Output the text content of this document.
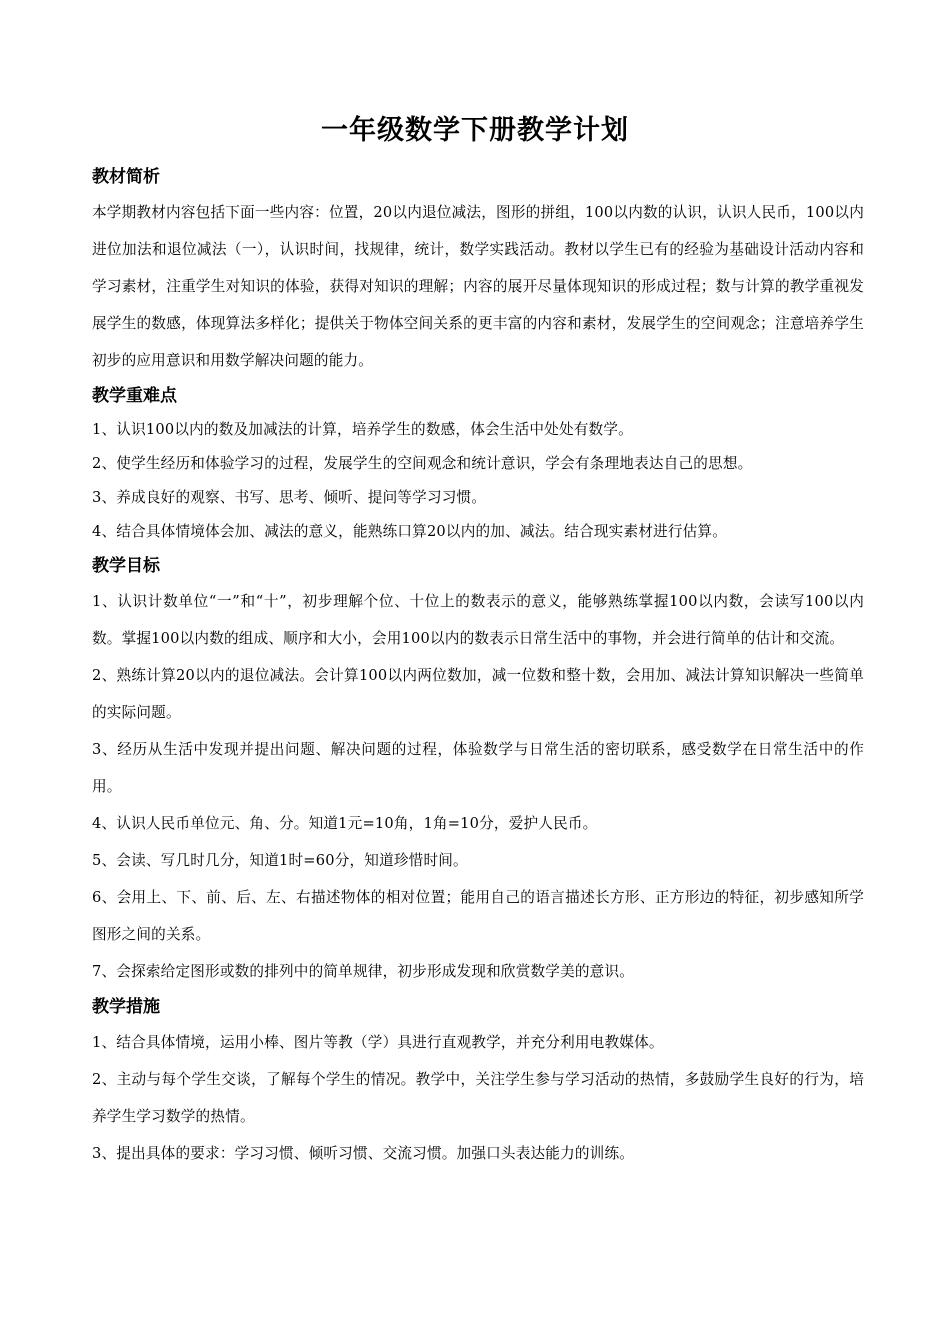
一年级数学下册教学计划
教材简析

本学期教材内容包括下面一些内容：位置，20以内退位减法，图形的拼组，100以内数的认识，认识人民币，100以内进位加法和退位减法（一），认识时间，找规律，统计，数学实践活动。教材以学生已有的经验为基础设计活动内容和学习素材，注重学生对知识的体验，获得对知识的理解；内容的展开尽量体现知识的形成过程；数与计算的教学重视发展学生的数感，体现算法多样化；提供关于物体空间关系的更丰富的内容和素材，发展学生的空间观念；注意培养学生初步的应用意识和用数学解决问题的能力。

教学重难点

1、认识100以内的数及加减法的计算，培养学生的数感，体会生活中处处有数学。

2、使学生经历和体验学习的过程，发展学生的空间观念和统计意识，学会有条理地表达自己的思想。

3、养成良好的观察、书写、思考、倾听、提问等学习习惯。

4、结合具体情境体会加、减法的意义，能熟练口算20以内的加、减法。结合现实素材进行估算。

教学目标

1、认识计数单位“一”和“十”，初步理解个位、十位上的数表示的意义，能够熟练掌握100以内数，会读写100以内数。掌握100以内数的组成、顺序和大小，会用100以内的数表示日常生活中的事物，并会进行简单的估计和交流。

2、熟练计算20以内的退位减法。会计算100以内两位数加，减一位数和整十数，会用加、减法计算知识解决一些简单的实际问题。

3、经历从生活中发现并提出问题、解决问题的过程，体验数学与日常生活的密切联系，感受数学在日常生活中的作用。

4、认识人民币单位元、角、分。知道1元=10角，1角=10分，爱护人民币。

5、会读、写几时几分，知道1时=60分，知道珍惜时间。

6、会用上、下、前、后、左、右描述物体的相对位置；能用自己的语言描述长方形、正方形边的特征，初步感知所学图形之间的关系。

7、会探索给定图形或数的排列中的简单规律，初步形成发现和欣赏数学美的意识。

教学措施

1、结合具体情境，运用小棒、图片等教（学）具进行直观教学，并充分利用电教媒体。

2、主动与每个学生交谈，了解每个学生的情况。教学中，关注学生参与学习活动的热情，多鼓励学生良好的行为，培养学生学习数学的热情。

3、提出具体的要求：学习习惯、倾听习惯、交流习惯。加强口头表达能力的训练。
